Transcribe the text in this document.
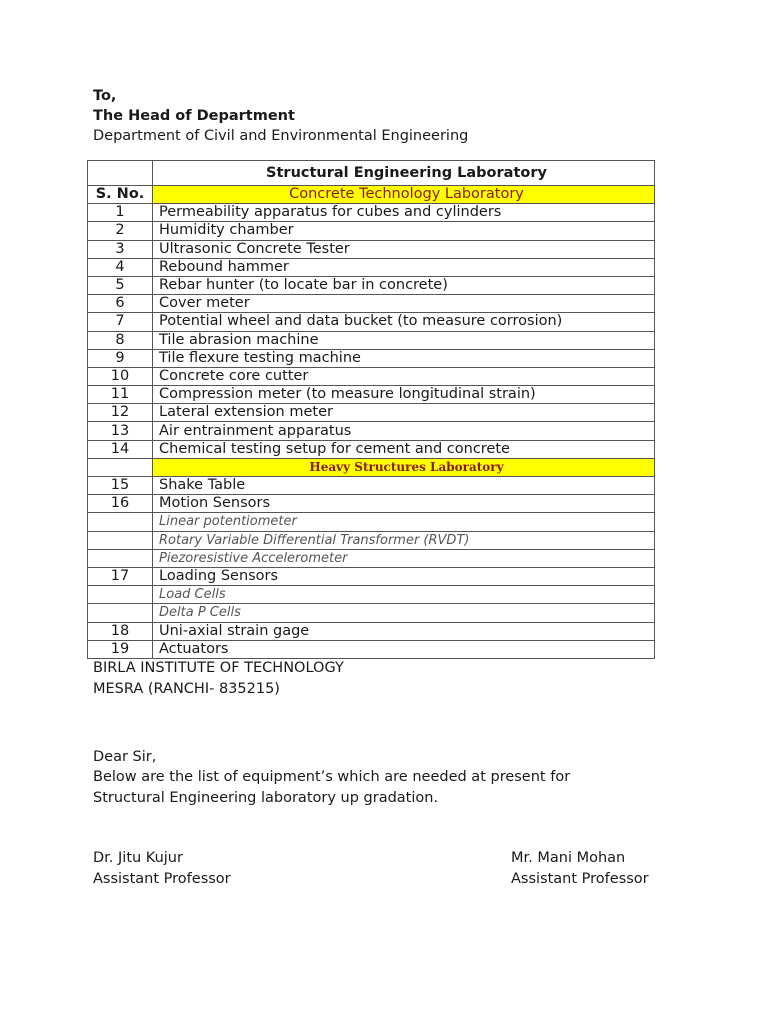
To,
The Head of Department
Department of Civil and Environmental Engineering
	Structural Engineering Laboratory
S. No.	Concrete Technology Laboratory
1	Permeability apparatus for cubes and cylinders
2	Humidity chamber
3	Ultrasonic Concrete Tester
4	Rebound hammer
5	Rebar hunter (to locate bar in concrete)
6	Cover meter
7	Potential wheel and data bucket (to measure corrosion)
8	Tile abrasion machine
9	Tile flexure testing machine
10	Concrete core cutter
11	Compression meter (to measure longitudinal strain)
12	Lateral extension meter
13	Air entrainment apparatus
14	Chemical testing setup for cement and concrete
	Heavy Structures Laboratory
15	Shake Table
16	Motion Sensors
	Linear potentiometer
	Rotary Variable Differential Transformer (RVDT)
	Piezoresistive Accelerometer
17	Loading Sensors
	Load Cells
	Delta P Cells
18	Uni-axial strain gage
19	Actuators
BIRLA INSTITUTE OF TECHNOLOGY
MESRA (RANCHI- 835215)
Dear Sir,
Below are the list of equipment’s which are needed at present for
Structural Engineering laboratory up gradation.
Dr. Jitu Kujur
Assistant Professor
Mr. Mani Mohan
Assistant Professor
